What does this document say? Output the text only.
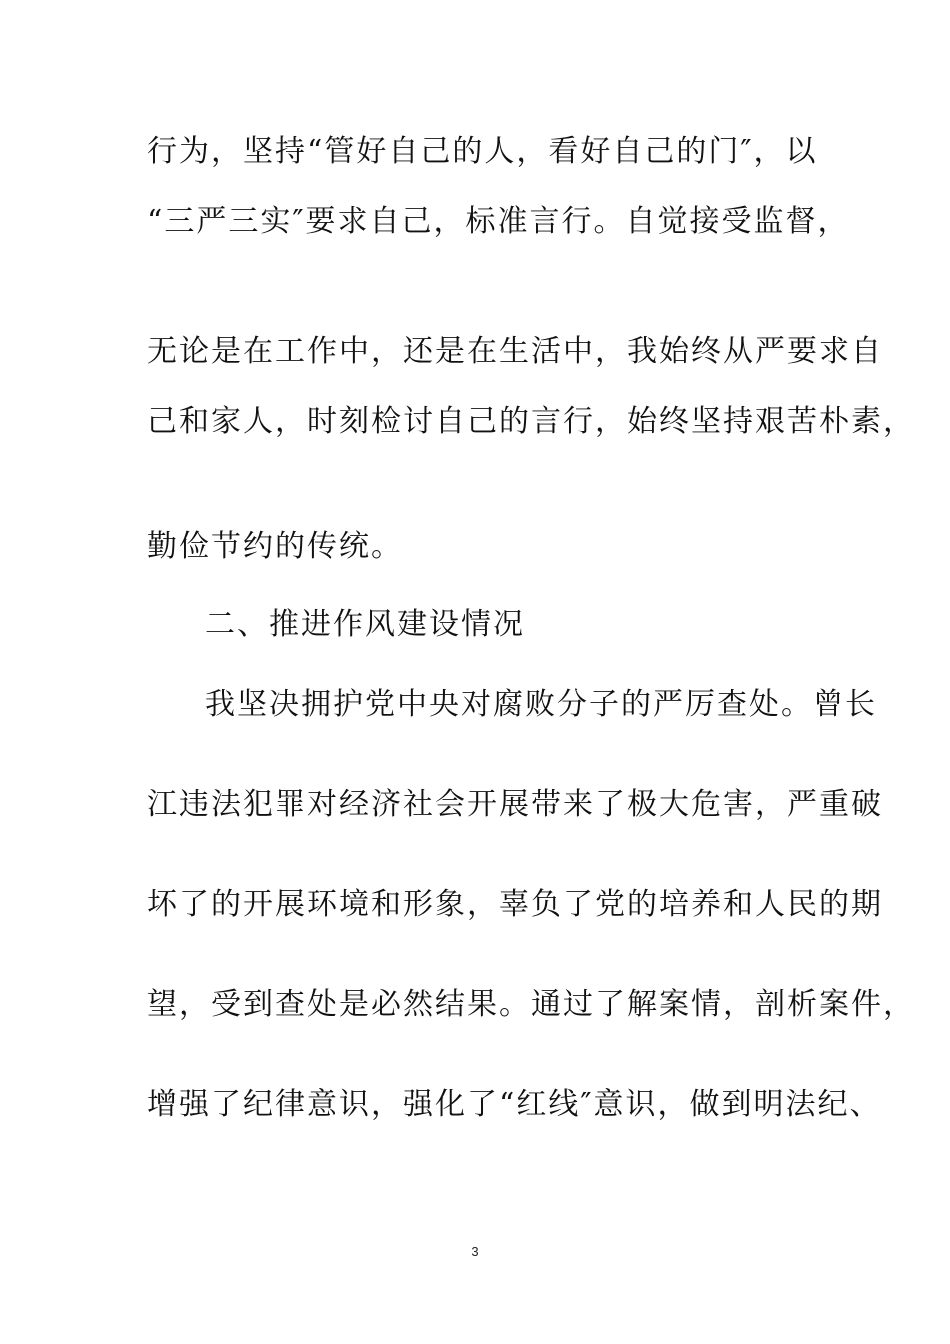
行为，坚持“管好自己的人，看好自己的门″，以
“三严三实″要求自己，标准言行。自觉接受监督，
无论是在工作中，还是在生活中，我始终从严要求自
己和家人，时刻检讨自己的言行，始终坚持艰苦朴素，
勤俭节约的传统。
二、推进作风建设情况
我坚决拥护党中央对腐败分子的严厉查处。曾长
江违法犯罪对经济社会开展带来了极大危害，严重破
坏了的开展环境和形象，辜负了党的培养和人民的期
望，受到查处是必然结果。通过了解案情，剖析案件，
增强了纪律意识，强化了“红线″意识，做到明法纪、
3
